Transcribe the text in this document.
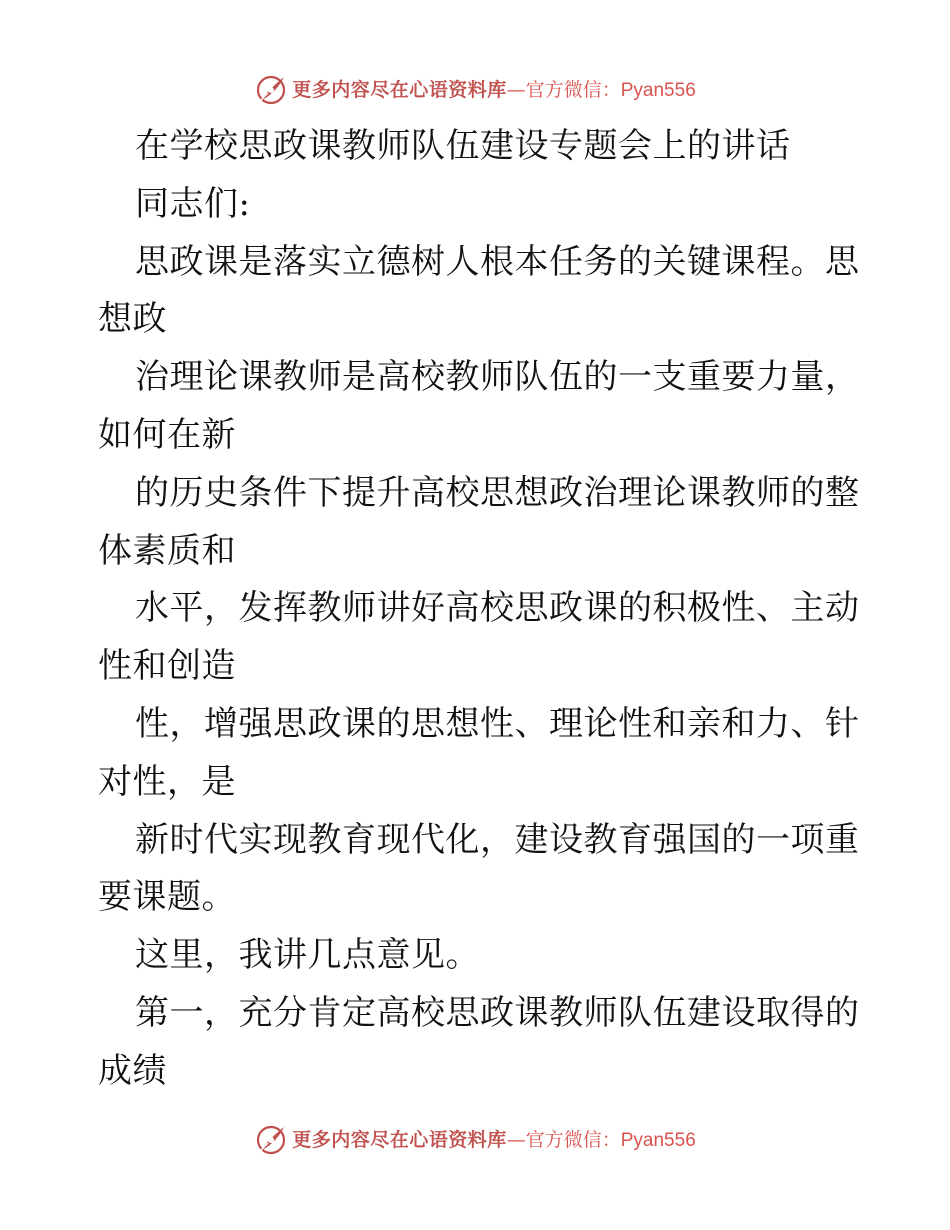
更多内容尽在心语资料库 —官方微信： Pyan556
在学校思政课教师队伍建设专题会上的讲话
同志们:
思政课是落实立德树人根本任务的关键课程。思
想政
治理论课教师是高校教师队伍的一支重要力量，
如何在新
的历史条件下提升高校思想政治理论课教师的整
体素质和
水平，发挥教师讲好高校思政课的积极性、主动
性和创造
性，增强思政课的思想性、理论性和亲和力、针
对性，是
新时代实现教育现代化，建设教育强国的一项重
要课题。
这里，我讲几点意见。
第一，充分肯定高校思政课教师队伍建设取得的
成绩
更多内容尽在心语资料库 —官方微信： Pyan556
